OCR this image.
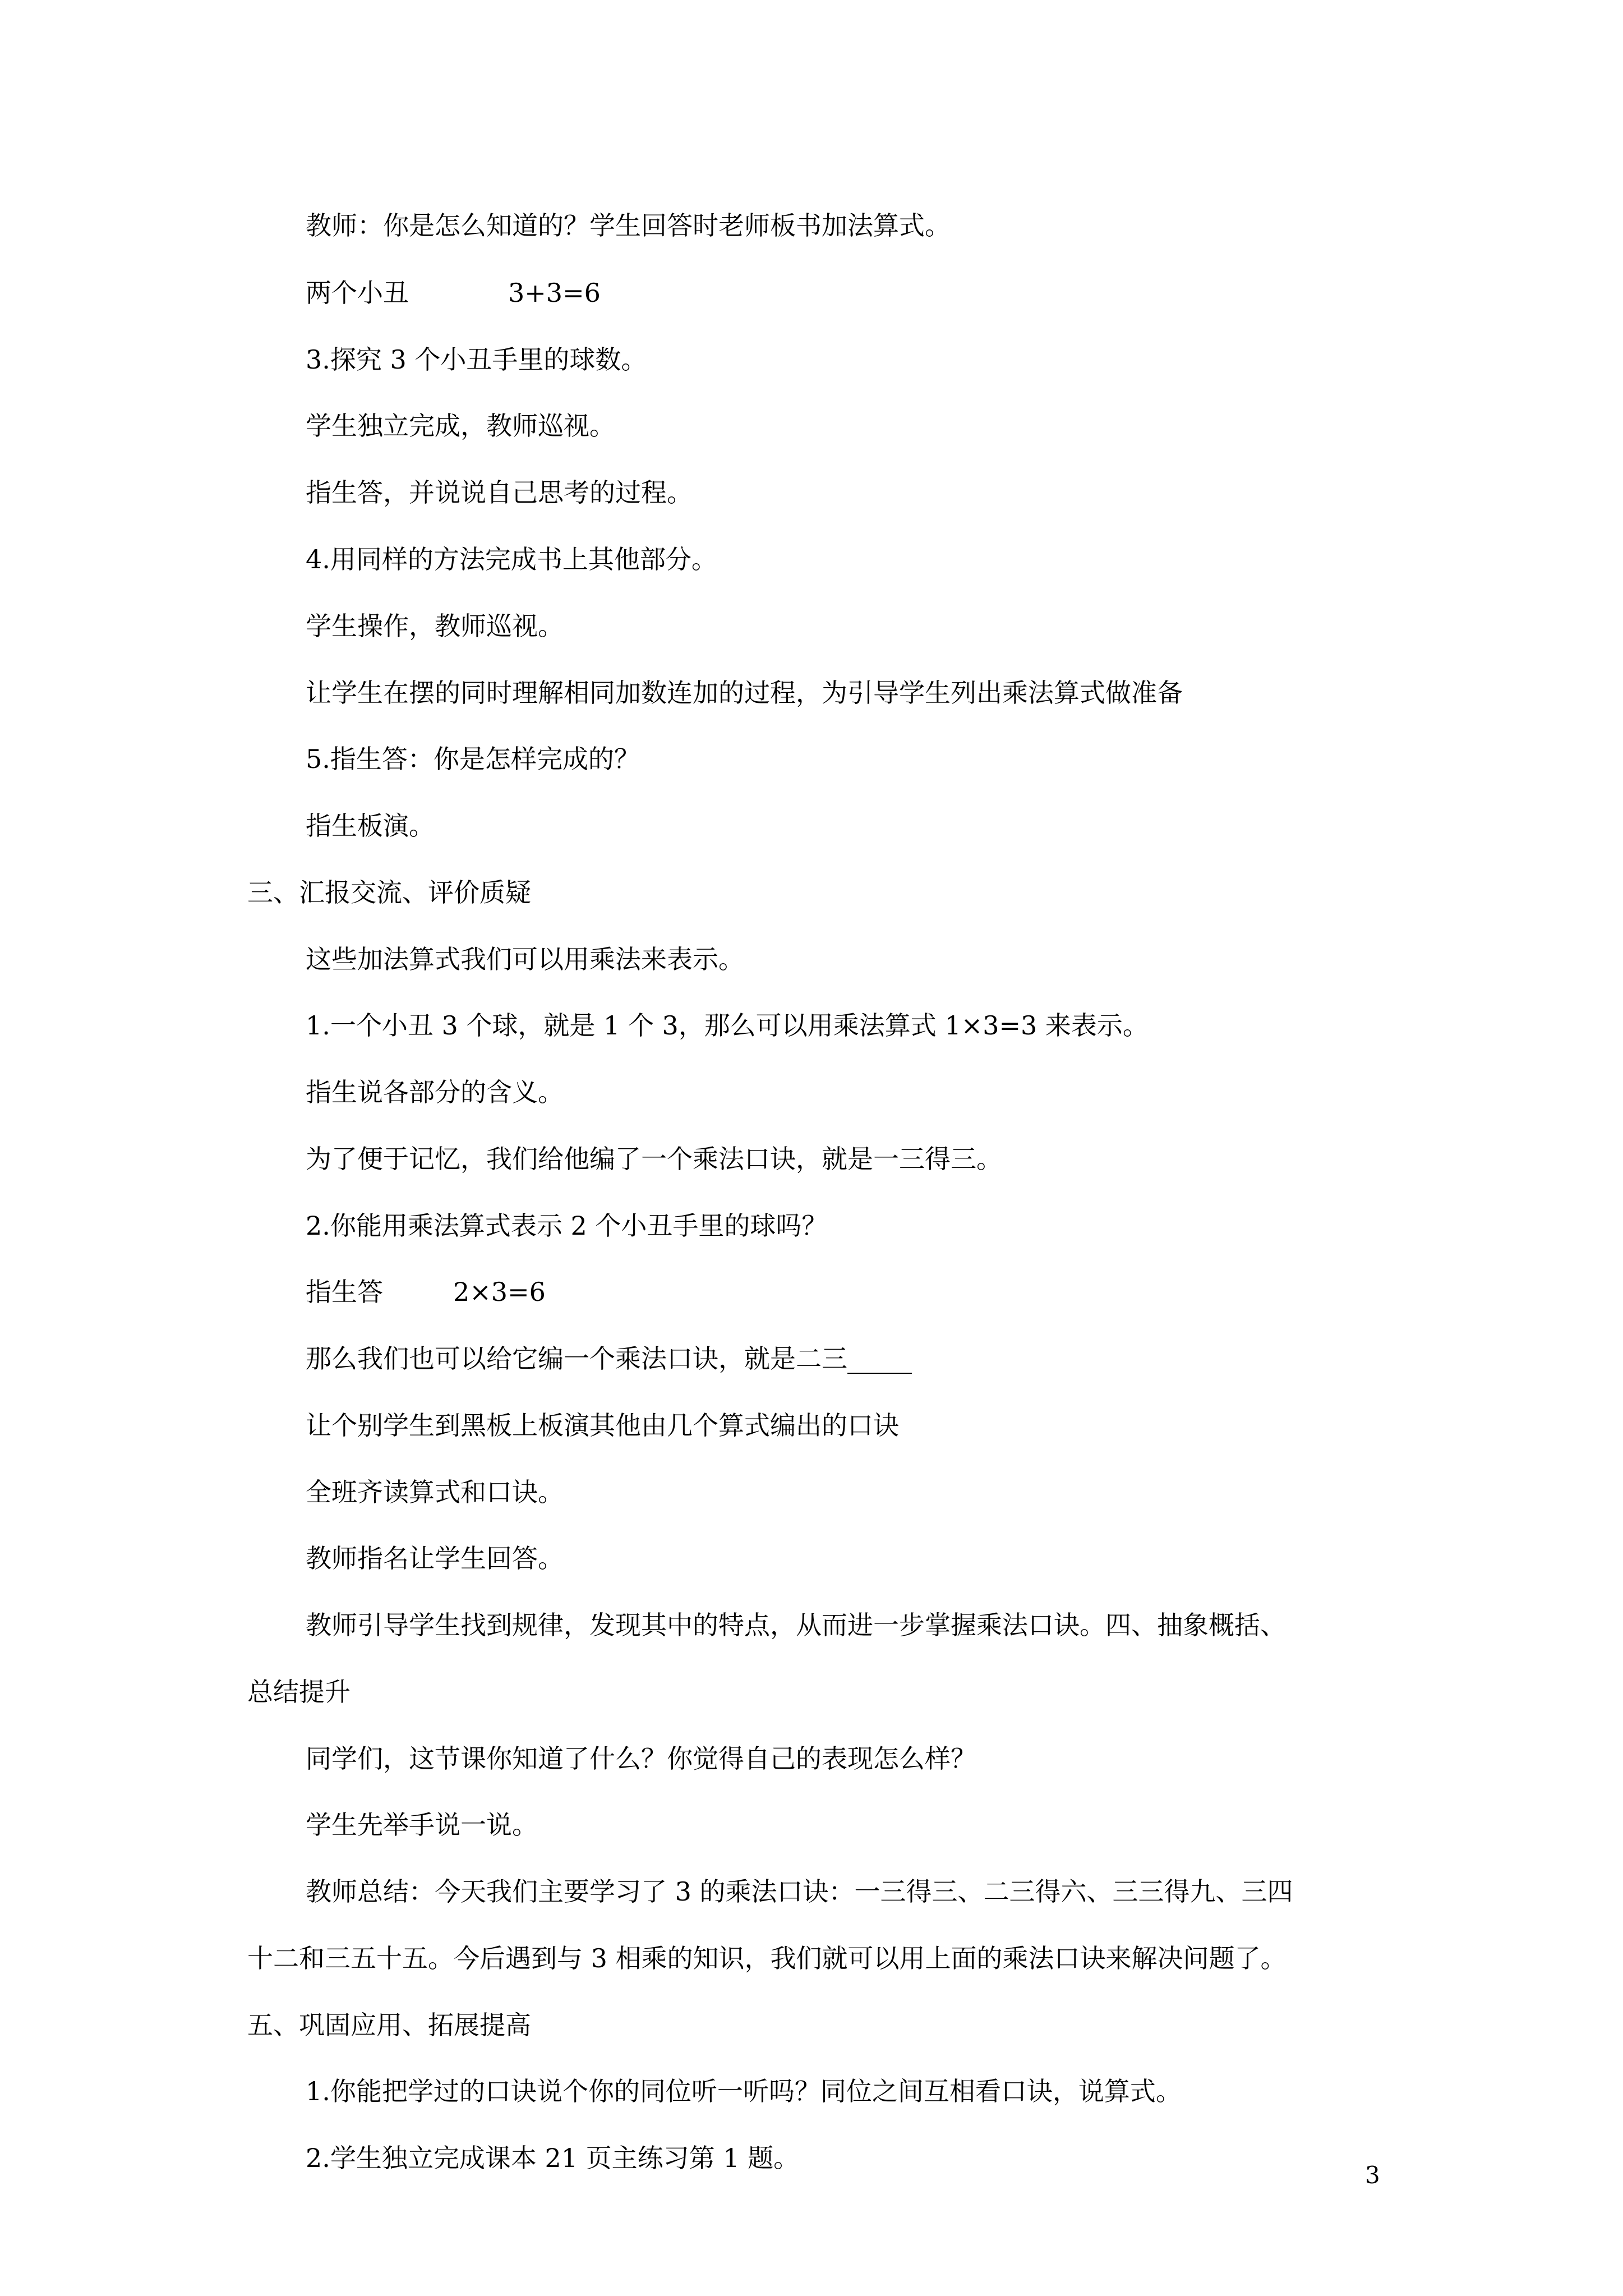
教师：你是怎么知道的？学生回答时老师板书加法算式。
两个小丑	3+3=6
3.探究 3 个小丑手里的球数。
学生独立完成，教师巡视。
指生答，并说说自己思考的过程。
4.用同样的方法完成书上其他部分。
学生操作，教师巡视。
让学生在摆的同时理解相同加数连加的过程，为引导学生列出乘法算式做准备
5.指生答：你是怎样完成的？
指生板演。
三、汇报交流、评价质疑
这些加法算式我们可以用乘法来表示。
1.一个小丑 3 个球，就是 1 个 3，那么可以用乘法算式 1×3=3 来表示。
指生说各部分的含义。
为了便于记忆，我们给他编了一个乘法口诀，就是一三得三。
2.你能用乘法算式表示 2 个小丑手里的球吗？
指生答	2×3=6
那么我们也可以给它编一个乘法口诀，就是二三_____
让个别学生到黑板上板演其他由几个算式编出的口诀
全班齐读算式和口诀。
教师指名让学生回答。
教师引导学生找到规律，发现其中的特点，从而进一步掌握乘法口诀。四、抽象概括、
总结提升
同学们，这节课你知道了什么？你觉得自己的表现怎么样？
学生先举手说一说。
教师总结：今天我们主要学习了 3 的乘法口诀：一三得三、二三得六、三三得九、三四
十二和三五十五。今后遇到与 3 相乘的知识，我们就可以用上面的乘法口诀来解决问题了。
五、巩固应用、拓展提高
1.你能把学过的口诀说个你的同位听一听吗？同位之间互相看口诀，说算式。
2.学生独立完成课本 21 页主练习第 1 题。
3
